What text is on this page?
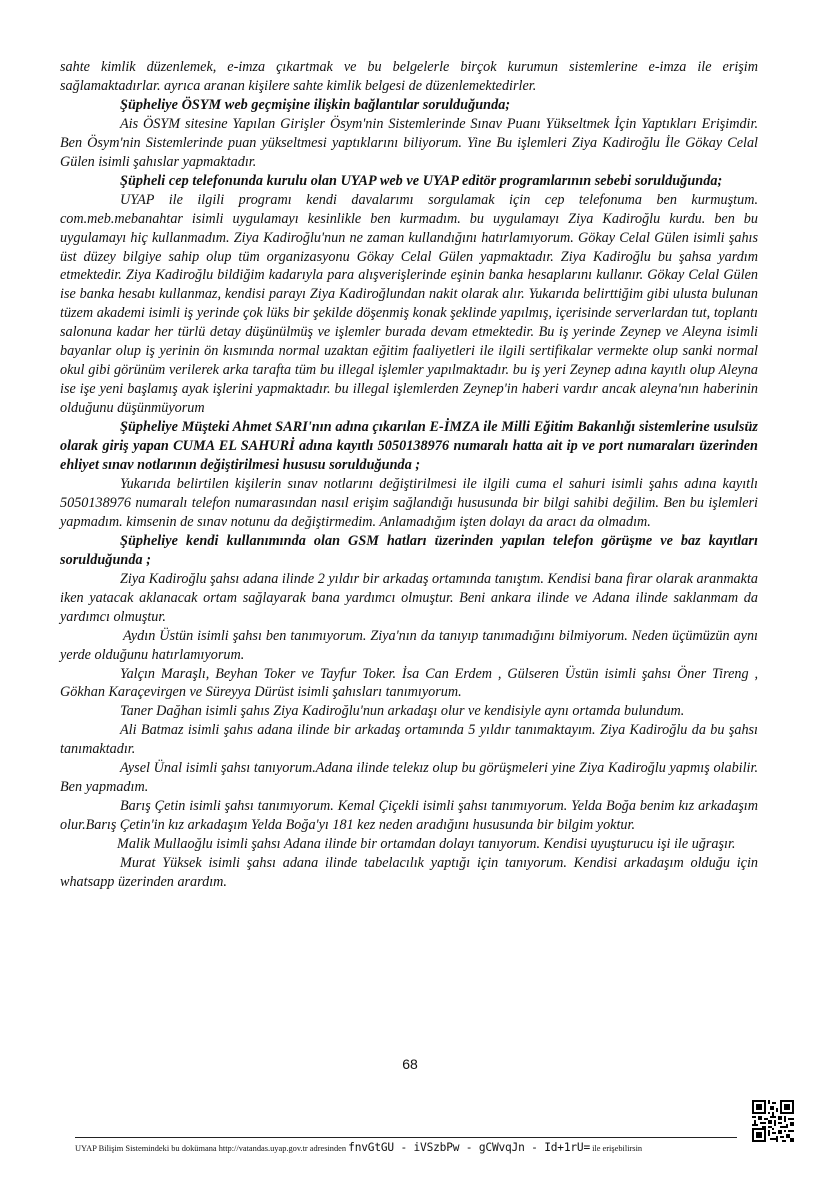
sahte kimlik düzenlemek, e-imza çıkartmak ve bu belgelerle birçok kurumun sistemlerine e-imza ile erişim sağlamaktadırlar. ayrıca aranan kişilere sahte kimlik belgesi de düzenlemektedirler.

Şüpheliye ÖSYM web geçmişine ilişkin bağlantılar sorulduğunda;

Ais ÖSYM sitesine Yapılan Girişler Ösym'nin Sistemlerinde Sınav Puanı Yükseltmek İçin Yaptıkları Erişimdir. Ben Ösym'nin Sistemlerinde puan yükseltmesi yaptıklarını biliyorum. Yine Bu işlemleri Ziya Kadiroğlu İle Gökay Celal Gülen isimli şahıslar yapmaktadır.

Şüpheli cep telefonunda kurulu olan UYAP web ve UYAP editör programlarının sebebi sorulduğunda;

UYAP ile ilgili programı kendi davalarımı sorgulamak için cep telefonuma ben kurmuştum. com.meb.mebanahtar isimli uygulamayı kesinlikle ben kurmadım. bu uygulamayı Ziya Kadiroğlu kurdu. ben bu uygulamayı hiç kullanmadım. Ziya Kadiroğlu'nun ne zaman kullandığını hatırlamıyorum. Gökay Celal Gülen isimli şahıs üst düzey bilgiye sahip olup tüm organizasyonu Gökay Celal Gülen yapmaktadır. Ziya Kadiroğlu bu şahsa yardım etmektedir. Ziya Kadiroğlu bildiğim kadarıyla para alışverişlerinde eşinin banka hesaplarını kullanır. Gökay Celal Gülen ise banka hesabı kullanmaz, kendisi parayı Ziya Kadiroğlundan nakit olarak alır. Yukarıda belirttiğim gibi ulusta bulunan tüzem akademi isimli iş yerinde çok lüks bir şekilde döşenmiş konak şeklinde yapılmış, içerisinde serverlardan tut, toplantı salonuna kadar her türlü detay düşünülmüş ve işlemler burada devam etmektedir. Bu iş yerinde Zeynep ve Aleyna isimli bayanlar olup iş yerinin ön kısmında normal uzaktan eğitim faaliyetleri ile ilgili sertifikalar vermekte olup sanki normal okul gibi görünüm verilerek arka tarafta tüm bu illegal işlemler yapılmaktadır. bu iş yeri Zeynep adına kayıtlı olup Aleyna ise işe yeni başlamış ayak işlerini yapmaktadır. bu illegal işlemlerden Zeynep'in haberi vardır ancak aleyna'nın haberinin olduğunu düşünmüyorum

Şüpheliye Müşteki Ahmet SARI'nın adına çıkarılan E-İMZA ile Milli Eğitim Bakanlığı sistemlerine usulsüz olarak giriş yapan CUMA EL SAHURİ adına kayıtlı 5050138976 numaralı hatta ait ip ve port numaraları üzerinden ehliyet sınav notlarının değiştirilmesi hususu sorulduğunda ;

Yukarıda belirtilen kişilerin sınav notlarını değiştirilmesi ile ilgili cuma el sahuri isimli şahıs adına kayıtlı 5050138976 numaralı telefon numarasından nasıl erişim sağlandığı hususunda bir bilgi sahibi değilim. Ben bu işlemleri yapmadım. kimsenin de sınav notunu da değiştirmedim. Anlamadığım işten dolayı da aracı da olmadım.

Şüpheliye kendi kullanımında olan GSM hatları üzerinden yapılan telefon görüşme ve baz kayıtları sorulduğunda ;

Ziya Kadiroğlu şahsı adana ilinde 2 yıldır bir arkadaş ortamında tanıştım. Kendisi bana firar olarak aranmakta iken yatacak aklanacak ortam sağlayarak bana yardımcı olmuştur. Beni ankara ilinde ve Adana ilinde saklanmam da yardımcı olmuştur.

Aydın Üstün isimli şahsı ben tanımıyorum. Ziya'nın da tanıyıp tanımadığını bilmiyorum. Neden üçümüzün aynı yerde olduğunu hatırlamıyorum.

Yalçın Maraşlı, Beyhan Toker ve Tayfur Toker. İsa Can Erdem , Gülseren Üstün isimli şahsı Öner Tireng , Gökhan Karaçevirgen ve Süreyya Dürüst isimli şahısları tanımıyorum.

Taner Dağhan isimli şahıs Ziya Kadiroğlu'nun arkadaşı olur ve kendisiyle aynı ortamda bulundum.

Ali Batmaz isimli şahıs adana ilinde bir arkadaş ortamında 5 yıldır tanımaktayım. Ziya Kadiroğlu da bu şahsı tanımaktadır.

Aysel Ünal isimli şahsı tanıyorum.Adana ilinde telekız olup bu görüşmeleri yine Ziya Kadiroğlu yapmış olabilir. Ben yapmadım.

Barış Çetin isimli şahsı tanımıyorum. Kemal Çiçekli isimli şahsı tanımıyorum. Yelda Boğa benim kız arkadaşım olur.Barış Çetin'in kız arkadaşım Yelda Boğa'yı 181 kez neden aradığını hususunda bir bilgim yoktur.

Malik Mullaoğlu isimli şahsı Adana ilinde bir ortamdan dolayı tanıyorum. Kendisi uyuşturucu işi ile uğraşır.

Murat Yüksek isimli şahsı adana ilinde tabelacılık yaptığı için tanıyorum. Kendisi arkadaşım olduğu için whatsapp üzerinden arardım.

68
UYAP Bilişim Sistemindeki bu dokümana http://vatandas.uyap.gov.tr adresinden fnvGtGU - iVSzbPw - gCWvqJn - Id+1rU= ile erişebilirsin
